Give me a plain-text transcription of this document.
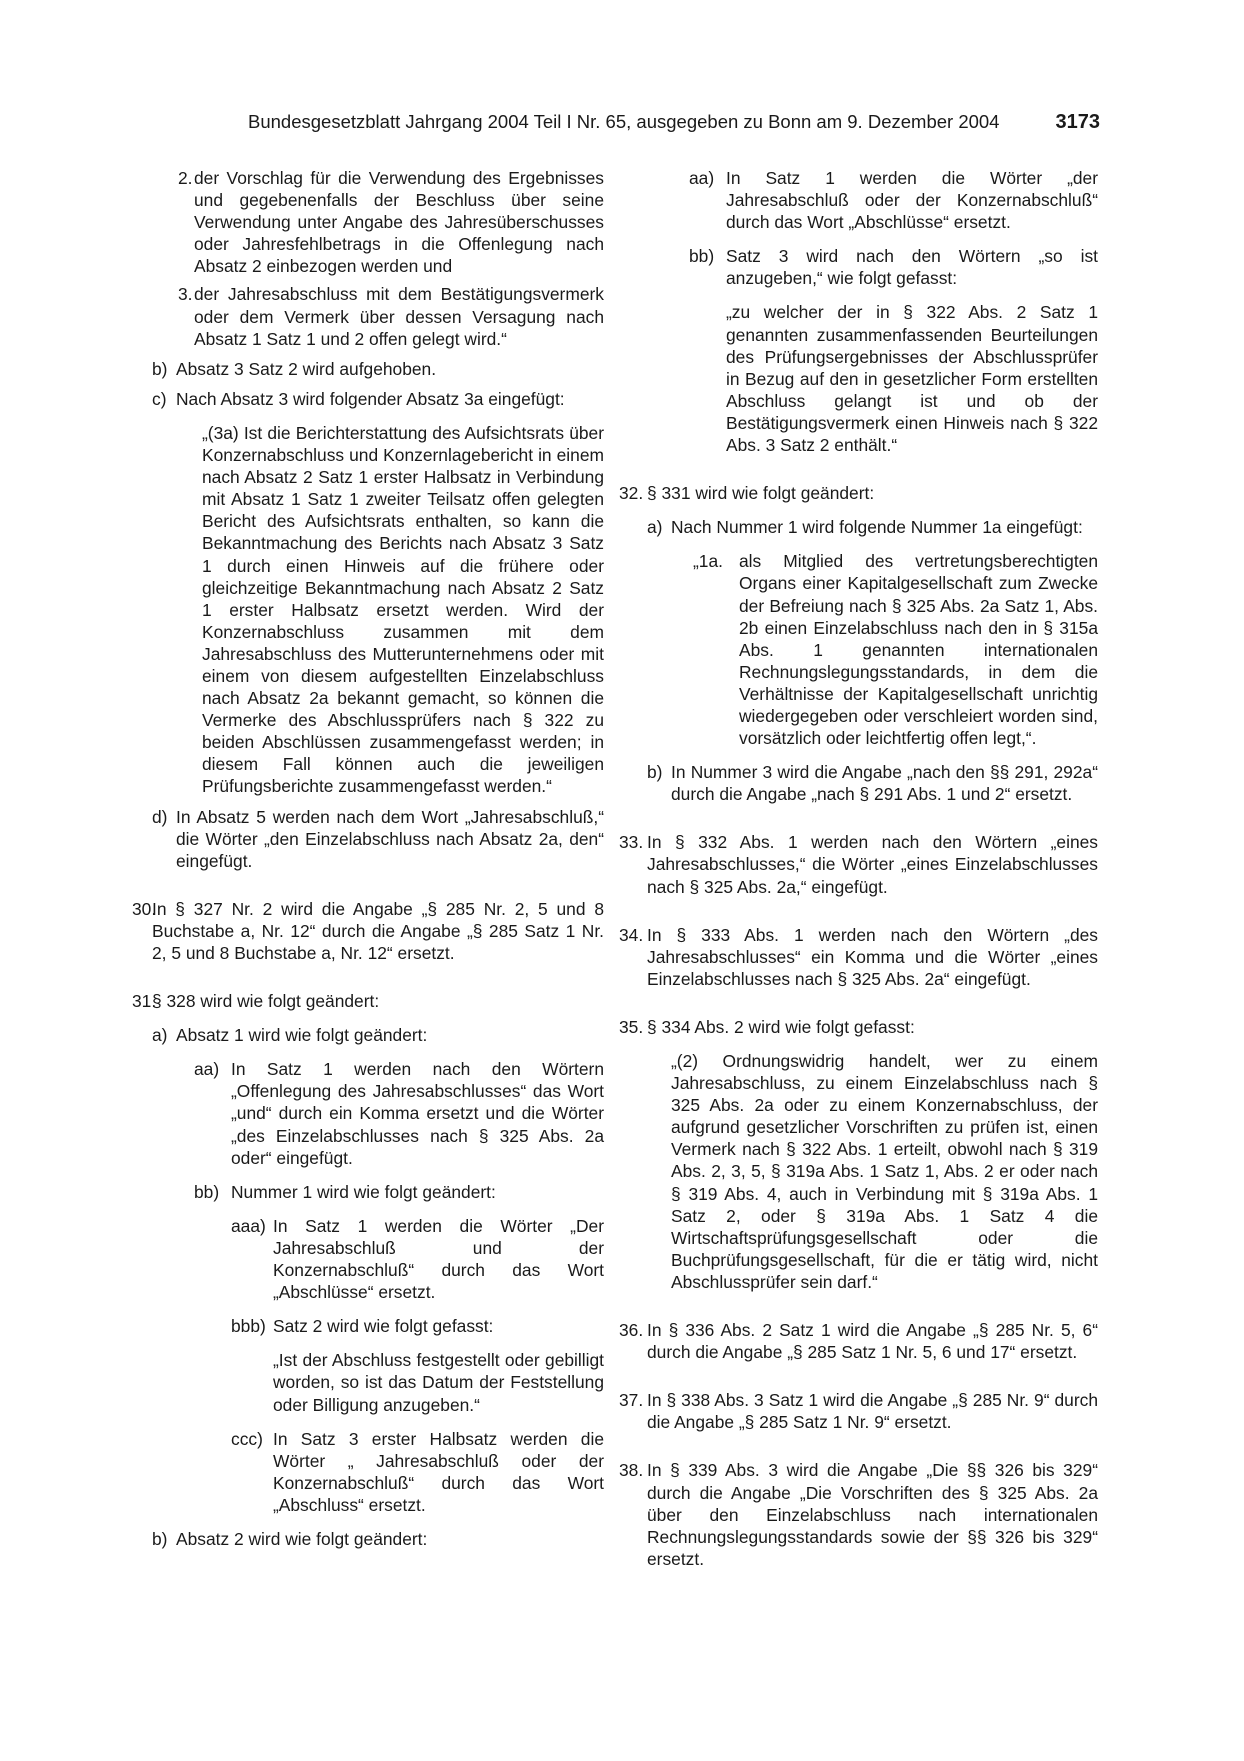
Bundesgesetzblatt Jahrgang 2004 Teil I Nr. 65, ausgegeben zu Bonn am 9. Dezember 2004	3173
2. der Vorschlag für die Verwendung des Ergebnisses und gegebenenfalls der Beschluss über seine Verwendung unter Angabe des Jahresüberschusses oder Jahresfehlbetrags in die Offenlegung nach Absatz 2 einbezogen werden und
3. der Jahresabschluss mit dem Bestätigungsvermerk oder dem Vermerk über dessen Versagung nach Absatz 1 Satz 1 und 2 offen gelegt wird.“
b) Absatz 3 Satz 2 wird aufgehoben.
c) Nach Absatz 3 wird folgender Absatz 3a eingefügt:
„(3a) Ist die Berichterstattung des Aufsichtsrats über Konzernabschluss und Konzernlagebericht in einem nach Absatz 2 Satz 1 erster Halbsatz in Verbindung mit Absatz 1 Satz 1 zweiter Teilsatz offen gelegten Bericht des Aufsichtsrats enthalten, so kann die Bekanntmachung des Berichts nach Absatz 3 Satz 1 durch einen Hinweis auf die frühere oder gleichzeitige Bekanntmachung nach Absatz 2 Satz 1 erster Halbsatz ersetzt werden. Wird der Konzernabschluss zusammen mit dem Jahresabschluss des Mutterunternehmens oder mit einem von diesem aufgestellten Einzelabschluss nach Absatz 2a bekannt gemacht, so können die Vermerke des Abschlussprüfers nach § 322 zu beiden Abschlüssen zusammengefasst werden; in diesem Fall können auch die jeweiligen Prüfungsberichte zusammengefasst werden.“
d) In Absatz 5 werden nach dem Wort „Jahresabschluß,“ die Wörter „den Einzelabschluss nach Absatz 2a, den“ eingefügt.
30.
In § 327 Nr. 2 wird die Angabe „§ 285 Nr. 2, 5 und 8 Buchstabe a, Nr. 12“ durch die Angabe „§ 285 Satz 1 Nr. 2, 5 und 8 Buchstabe a, Nr. 12“ ersetzt.
31.
§ 328 wird wie folgt geändert:
a) Absatz 1 wird wie folgt geändert:
aa) In Satz 1 werden nach den Wörtern „Offenlegung des Jahresabschlusses“ das Wort „und“ durch ein Komma ersetzt und die Wörter „des Einzelabschlusses nach § 325 Abs. 2a oder“ eingefügt.
bb) Nummer 1 wird wie folgt geändert:
aaa) In Satz 1 werden die Wörter „Der Jahresabschluß und der Konzernabschluß“ durch das Wort „Abschlüsse“ ersetzt.
bbb) Satz 2 wird wie folgt gefasst:
„Ist der Abschluss festgestellt oder gebilligt worden, so ist das Datum der Feststellung oder Billigung anzugeben.“
ccc) In Satz 3 erster Halbsatz werden die Wörter „ Jahresabschluß oder der Konzernabschluß“ durch das Wort „Abschluss“ ersetzt.
b) Absatz 2 wird wie folgt geändert:
aa) In Satz 1 werden die Wörter „der Jahresabschluß oder der Konzernabschluß“ durch das Wort „Abschlüsse“ ersetzt.
bb) Satz 3 wird nach den Wörtern „so ist anzugeben,“ wie folgt gefasst:
„zu welcher der in § 322 Abs. 2 Satz 1 genannten zusammenfassenden Beurteilungen des Prüfungsergebnisses der Abschlussprüfer in Bezug auf den in gesetzlicher Form erstellten Abschluss gelangt ist und ob der Bestätigungsvermerk einen Hinweis nach § 322 Abs. 3 Satz 2 enthält.“
32. § 331 wird wie folgt geändert:
a) Nach Nummer 1 wird folgende Nummer 1a eingefügt:
„1a. als Mitglied des vertretungsberechtigten Organs einer Kapitalgesellschaft zum Zwecke der Befreiung nach § 325 Abs. 2a Satz 1, Abs. 2b einen Einzelabschluss nach den in § 315a Abs. 1 genannten internationalen Rechnungslegungsstandards, in dem die Verhältnisse der Kapitalgesellschaft unrichtig wiedergegeben oder verschleiert worden sind, vorsätzlich oder leichtfertig offen legt,“.
b) In Nummer 3 wird die Angabe „nach den §§ 291, 292a“ durch die Angabe „nach § 291 Abs. 1 und 2“ ersetzt.
33. In § 332 Abs. 1 werden nach den Wörtern „eines Jahresabschlusses,“ die Wörter „eines Einzelabschlusses nach § 325 Abs. 2a,“ eingefügt.
34. In § 333 Abs. 1 werden nach den Wörtern „des Jahresabschlusses“ ein Komma und die Wörter „eines Einzelabschlusses nach § 325 Abs. 2a“ eingefügt.
35. § 334 Abs. 2 wird wie folgt gefasst:
„(2) Ordnungswidrig handelt, wer zu einem Jahresabschluss, zu einem Einzelabschluss nach § 325 Abs. 2a oder zu einem Konzernabschluss, der aufgrund gesetzlicher Vorschriften zu prüfen ist, einen Vermerk nach § 322 Abs. 1 erteilt, obwohl nach § 319 Abs. 2, 3, 5, § 319a Abs. 1 Satz 1, Abs. 2 er oder nach § 319 Abs. 4, auch in Verbindung mit § 319a Abs. 1 Satz 2, oder § 319a Abs. 1 Satz 4 die Wirtschaftsprüfungsgesellschaft oder die Buchprüfungsgesellschaft, für die er tätig wird, nicht Abschlussprüfer sein darf.“
36. In § 336 Abs. 2 Satz 1 wird die Angabe „§ 285 Nr. 5, 6“ durch die Angabe „§ 285 Satz 1 Nr. 5, 6 und 17“ ersetzt.
37. In § 338 Abs. 3 Satz 1 wird die Angabe „§ 285 Nr. 9“ durch die Angabe „§ 285 Satz 1 Nr. 9“ ersetzt.
38. In § 339 Abs. 3 wird die Angabe „Die §§ 326 bis 329“ durch die Angabe „Die Vorschriften des § 325 Abs. 2a über den Einzelabschluss nach internationalen Rechnungslegungsstandards sowie der §§ 326 bis 329“ ersetzt.
